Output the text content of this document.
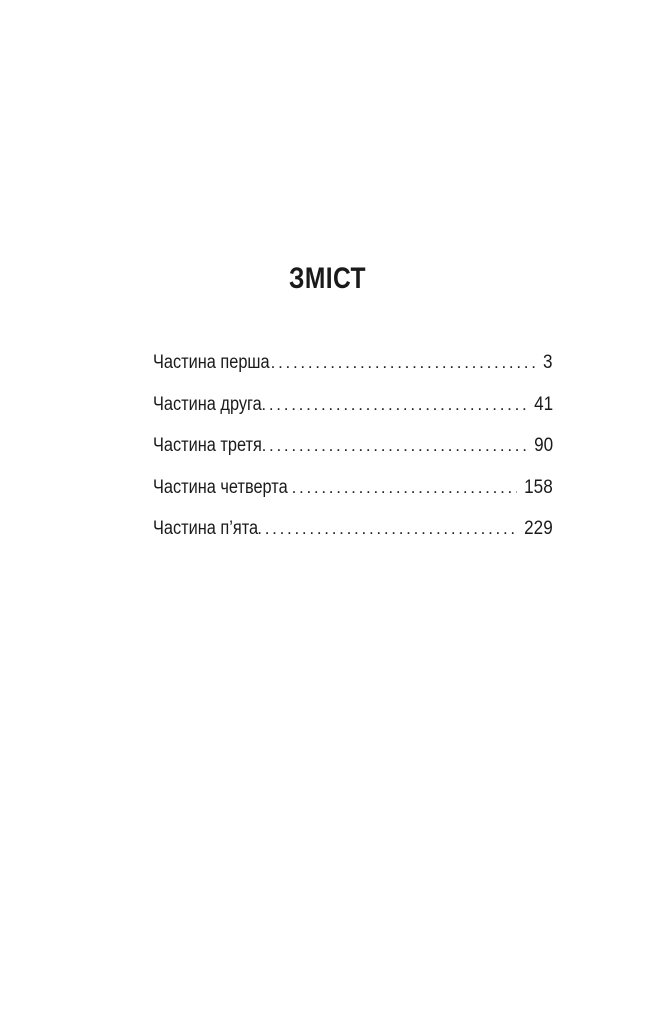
ЗМІСТ
Частина перша . . .	3
Частина друга . . .	41
Частина третя . . .	90
Частина четверта . . .	158
Частина п’ята . . .	229
